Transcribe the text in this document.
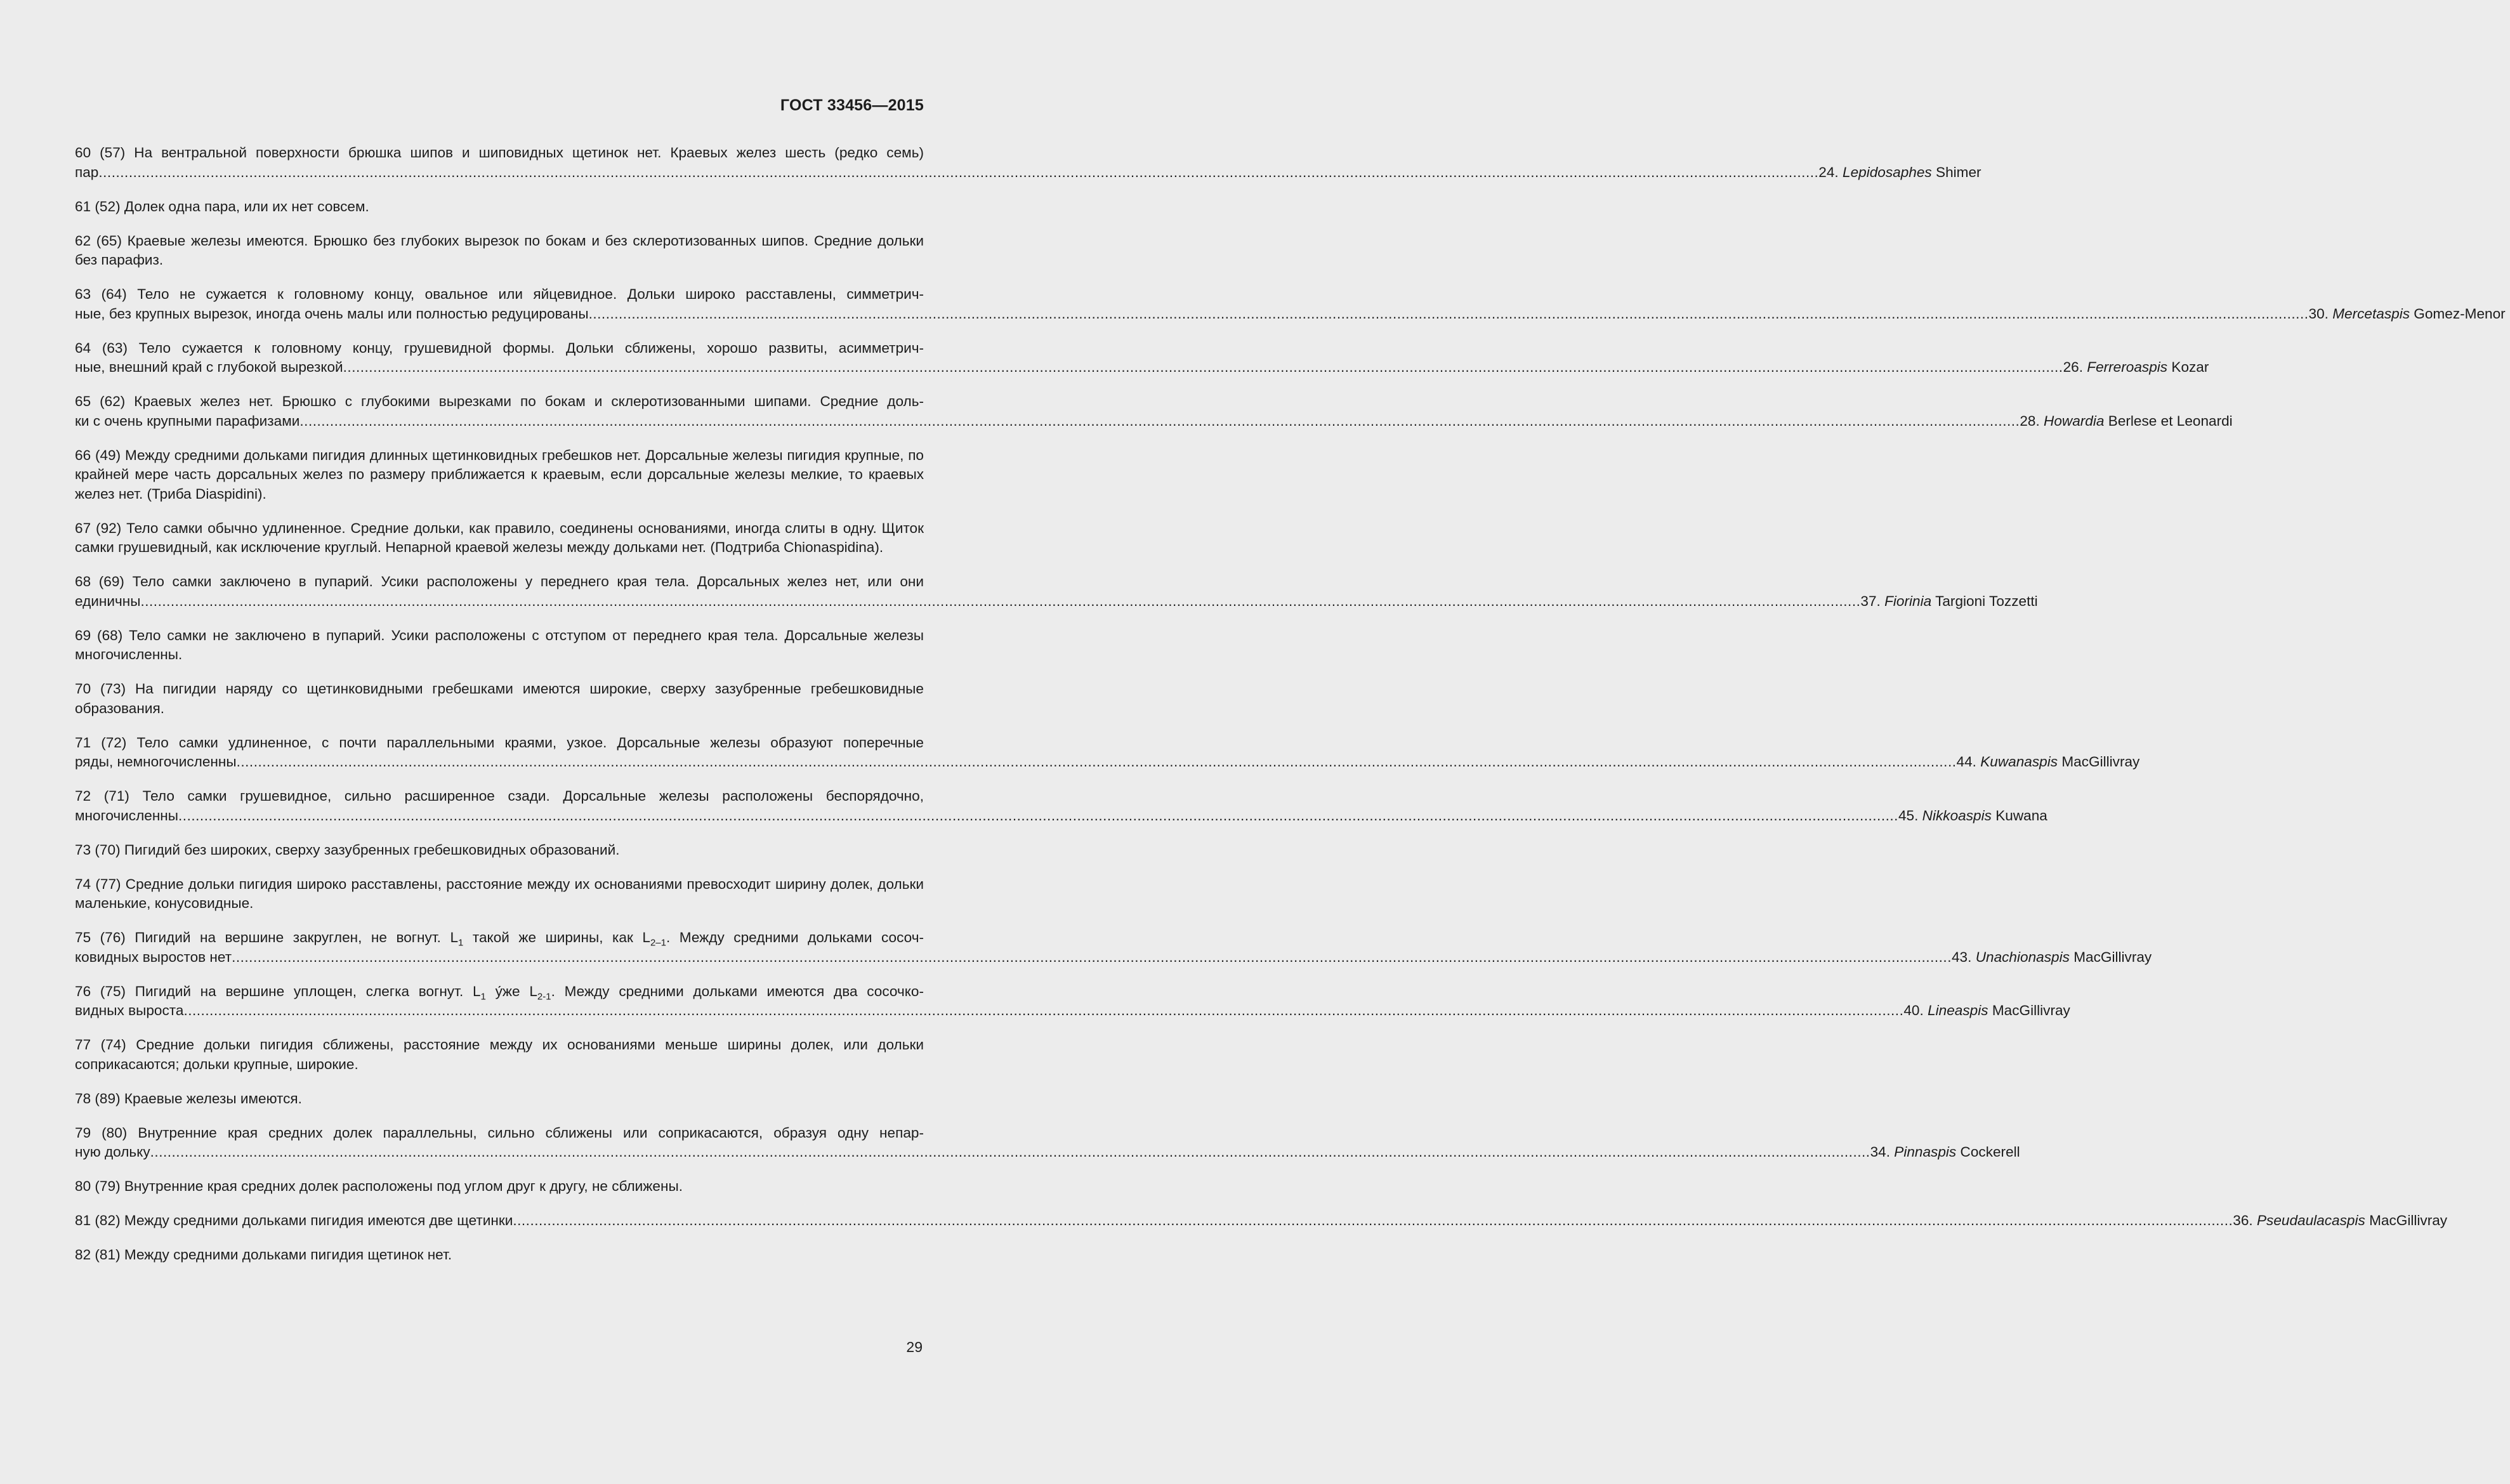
ГОСТ 33456—2015
60 (57) На вентральной поверхности брюшка шипов и шиповидных щетинок нет. Краевых желез шесть (редко семь)
пар ................................................................................................................................................................................................................................................................................................................................................................................................................ 24. Lepidosaphes Shimer
61 (52) Долек одна пара, или их нет совсем.
62 (65) Краевые железы имеются. Брюшко без глубоких вырезок по бокам и без склеротизованных шипов. Средние дольки без парафиз.
63 (64) Тело не сужается к головному концу, овальное или яйцевидное. Дольки широко расставлены, симметрич-
ные, без крупных вырезок, иногда очень малы или полностью редуцированы ................................................................................................................................................................................................................................................................................................................................................................................................................ 30. Mercetaspis Gomez-Menor
64 (63) Тело сужается к головному концу, грушевидной формы. Дольки сближены, хорошо развиты, асимметрич-
ные, внешний край с глубокой вырезкой ................................................................................................................................................................................................................................................................................................................................................................................................................ 26. Ferreroaspis Kozar
65 (62) Краевых желез нет. Брюшко с глубокими вырезками по бокам и склеротизованными шипами. Средние доль-
ки с очень крупными парафизами ................................................................................................................................................................................................................................................................................................................................................................................................................ 28. Howardia Berlese et Leonardi
66 (49) Между средними дольками пигидия длинных щетинковидных гребешков нет. Дорсальные железы пигидия крупные, по крайней мере часть дорсальных желез по размеру приближается к краевым, если дорсальные железы мелкие, то краевых желез нет. (Триба Diaspidini).
67 (92) Тело самки обычно удлиненное. Средние дольки, как правило, соединены основаниями, иногда слиты в одну. Щиток самки грушевидный, как исключение круглый. Непарной краевой железы между дольками нет. (Подтриба Chionaspidina).
68 (69) Тело самки заключено в пупарий. Усики расположены у переднего края тела. Дорсальных желез нет, или они
единичны ................................................................................................................................................................................................................................................................................................................................................................................................................ 37. Fiorinia Targioni Tozzetti
69 (68) Тело самки не заключено в пупарий. Усики расположены с отступом от переднего края тела. Дорсальные железы многочисленны.
70 (73) На пигидии наряду со щетинковидными гребешками имеются широкие, сверху зазубренные гребешковидные образования.
71 (72) Тело самки удлиненное, с почти параллельными краями, узкое. Дорсальные железы образуют поперечные
ряды, немногочисленны ................................................................................................................................................................................................................................................................................................................................................................................................................ 44. Kuwanaspis MacGillivray
72 (71) Тело самки грушевидное, сильно расширенное сзади. Дорсальные железы расположены беспорядочно,
многочисленны ................................................................................................................................................................................................................................................................................................................................................................................................................ 45. Nikkoaspis Kuwana
73 (70) Пигидий без широких, сверху зазубренных гребешковидных образований.
74 (77) Средние дольки пигидия широко расставлены, расстояние между их основаниями превосходит ширину долек, дольки маленькие, конусовидные.
75 (76) Пигидий на вершине закруглен, не вогнут. $L_1$ такой же ширины, как $L_{2-1}$. Между средними дольками сосоч-
ковидных выростов нет ................................................................................................................................................................................................................................................................................................................................................................................................................ 43. Unachionaspis MacGillivray
76 (75) Пигидий на вершине уплощен, слегка вогнут. $L_1$ у́же $L_{2-1}$. Между средними дольками имеются два сосочко-
видных выроста ................................................................................................................................................................................................................................................................................................................................................................................................................ 40. Lineaspis MacGillivray
77 (74) Средние дольки пигидия сближены, расстояние между их основаниями меньше ширины долек, или дольки соприкасаются; дольки крупные, широкие.
78 (89) Краевые железы имеются.
79 (80) Внутренние края средних долек параллельны, сильно сближены или соприкасаются, образуя одну непар-
ную дольку ................................................................................................................................................................................................................................................................................................................................................................................................................ 34. Pinnaspis Cockerell
80 (79) Внутренние края средних долек расположены под углом друг к другу, не сближены.
81 (82) Между средними дольками пигидия имеются две щетинки ................................................................................................................................................................................................................................................................................................................................................................................................................ 36. Pseudaulacaspis MacGillivray
82 (81) Между средними дольками пигидия щетинок нет.
29
